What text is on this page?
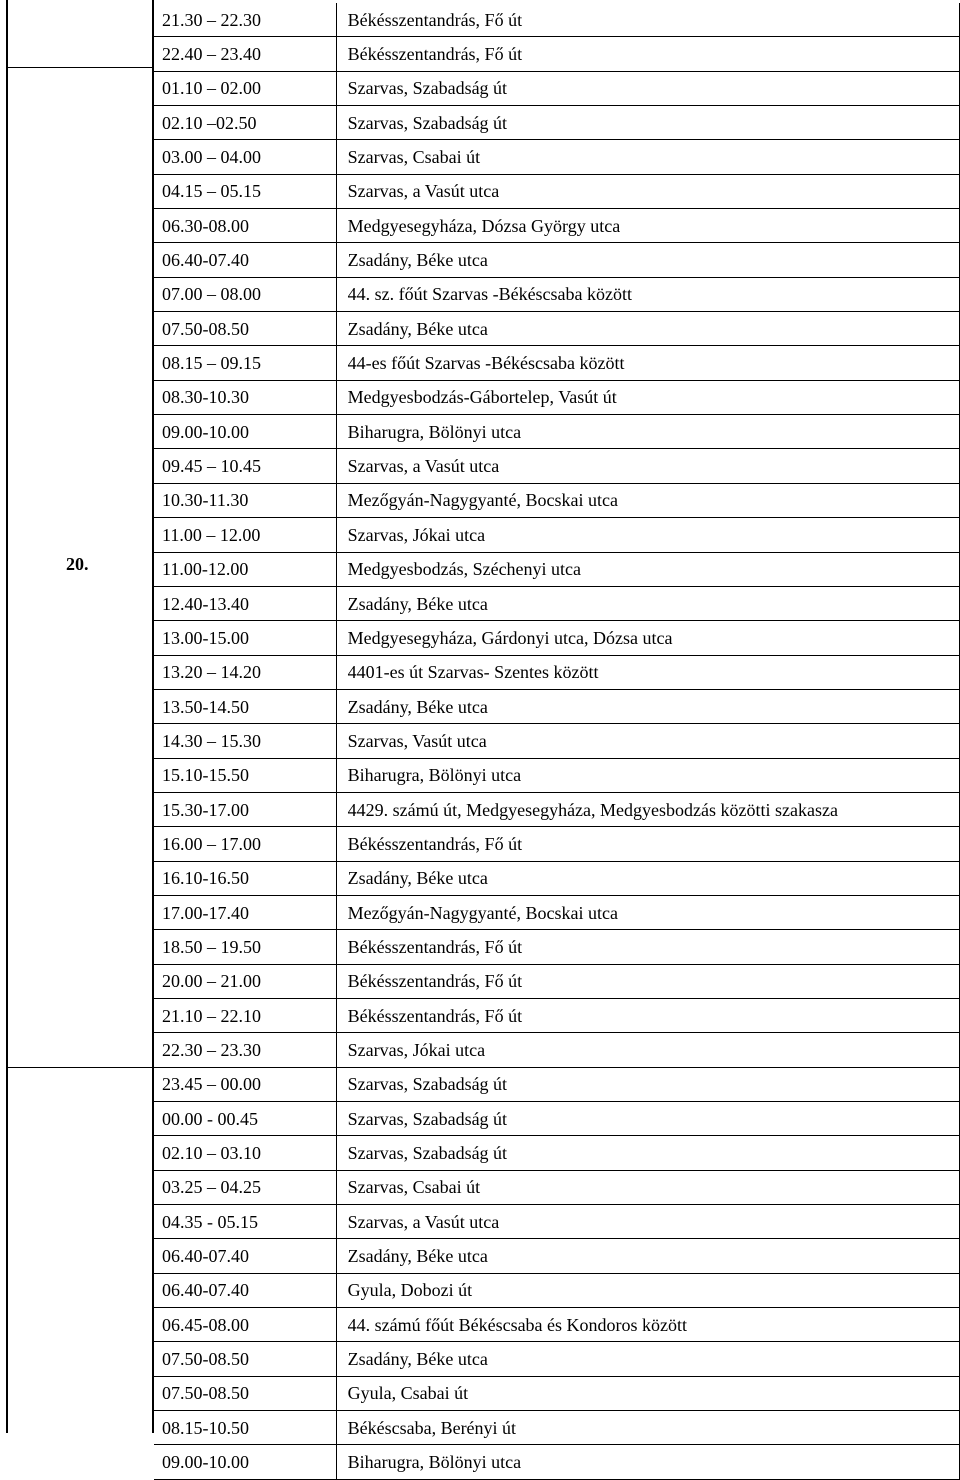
20.
21.30 – 22.30	Békésszentandrás, Fő út
22.40 – 23.40	Békésszentandrás, Fő út
01.10 – 02.00	Szarvas, Szabadság út
02.10 –02.50	Szarvas, Szabadság út
03.00 – 04.00	Szarvas, Csabai út
04.15 – 05.15	Szarvas, a Vasút utca
06.30-08.00	Medgyesegyháza, Dózsa György utca
06.40-07.40	Zsadány, Béke utca
07.00 – 08.00	44. sz. főút Szarvas -Békéscsaba között
07.50-08.50	Zsadány, Béke utca
08.15 – 09.15	44-es főút Szarvas -Békéscsaba között
08.30-10.30	Medgyesbodzás-Gábortelep, Vasút út
09.00-10.00	Biharugra, Bölönyi utca
09.45 – 10.45	Szarvas, a Vasút utca
10.30-11.30	Mezőgyán-Nagygyanté, Bocskai utca
11.00 – 12.00	Szarvas, Jókai utca
11.00-12.00	Medgyesbodzás, Széchenyi utca
12.40-13.40	Zsadány, Béke utca
13.00-15.00	Medgyesegyháza, Gárdonyi utca, Dózsa utca
13.20 – 14.20	4401-es út Szarvas- Szentes között
13.50-14.50	Zsadány, Béke utca
14.30 – 15.30	Szarvas, Vasút utca
15.10-15.50	Biharugra, Bölönyi utca
15.30-17.00	4429. számú út, Medgyesegyháza, Medgyesbodzás közötti szakasza
16.00 – 17.00	Békésszentandrás, Fő út
16.10-16.50	Zsadány, Béke utca
17.00-17.40	Mezőgyán-Nagygyanté, Bocskai utca
18.50 – 19.50	Békésszentandrás, Fő út
20.00 – 21.00	Békésszentandrás, Fő út
21.10 – 22.10	Békésszentandrás, Fő út
22.30 – 23.30	Szarvas, Jókai utca
23.45 – 00.00	Szarvas, Szabadság út
00.00 - 00.45	Szarvas, Szabadság út
02.10 – 03.10	Szarvas, Szabadság út
03.25 – 04.25	Szarvas, Csabai út
04.35 - 05.15	Szarvas, a Vasút utca
06.40-07.40	Zsadány, Béke utca
06.40-07.40	Gyula, Dobozi út
06.45-08.00	44. számú főút Békéscsaba és Kondoros között
07.50-08.50	Zsadány, Béke utca
07.50-08.50	Gyula, Csabai út
08.15-10.50	Békéscsaba, Berényi út
09.00-10.00	Biharugra, Bölönyi utca
